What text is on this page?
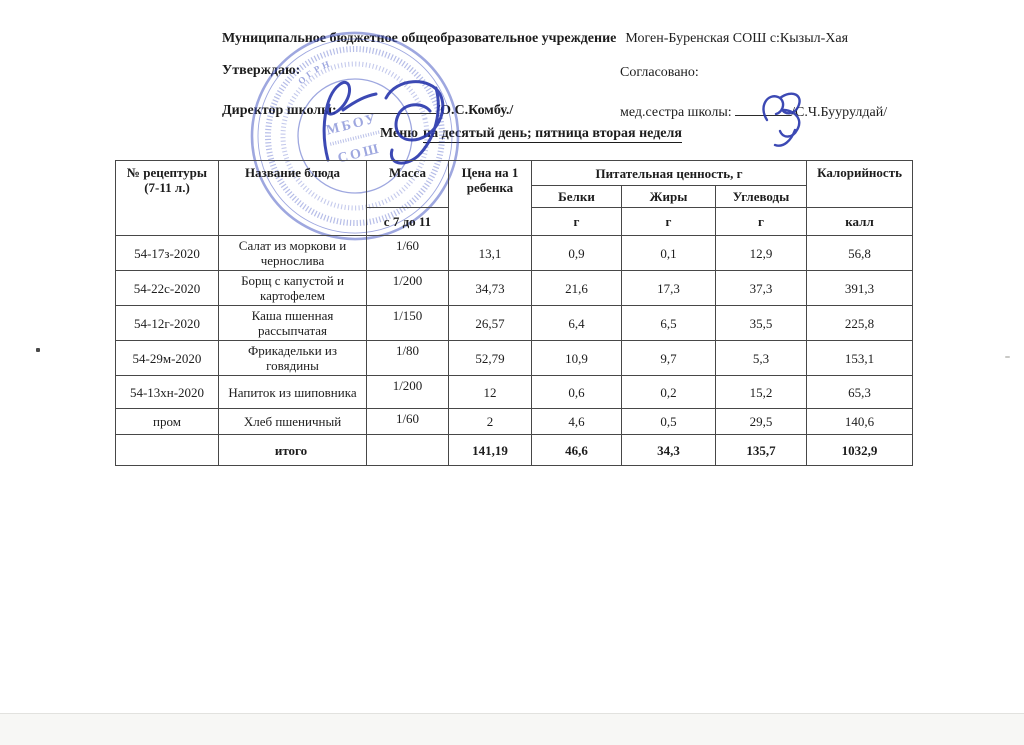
Муниципальное бюджетное общеобразовательное учреждение Моген-Буренская СОШ с:Кызыл-Хая
Утверждаю:	Согласовано:
Директор школы:	/О.С.Комбу./	мед.сестра школы:	/С.Ч.Буурулдай/
Меню на десятый день; пятница вторая неделя
ОГРН
МБОУ
СОШ
№ рецептуры (7-11 л.)	Название блюда	Масса	Цена на 1 ребенка	Питательная ценность, г			Калорийность
				Белки	Жиры	Углеводы	
		с 7 до 11		г	г	г	калл
54-17з-2020	Салат из моркови и чернослива	1/60	13,1	0,9	0,1	12,9	56,8
54-22с-2020	Борщ с капустой и картофелем	1/200	34,73	21,6	17,3	37,3	391,3
54-12г-2020	Каша пшенная рассыпчатая	1/150	26,57	6,4	6,5	35,5	225,8
54-29м-2020	Фрикадельки из говядины	1/80	52,79	10,9	9,7	5,3	153,1
54-13хн-2020	Напиток из шиповника	1/200	12	0,6	0,2	15,2	65,3
пром	Хлеб пшеничный	1/60	2	4,6	0,5	29,5	140,6
	итого		141,19	46,6	34,3	135,7	1032,9
